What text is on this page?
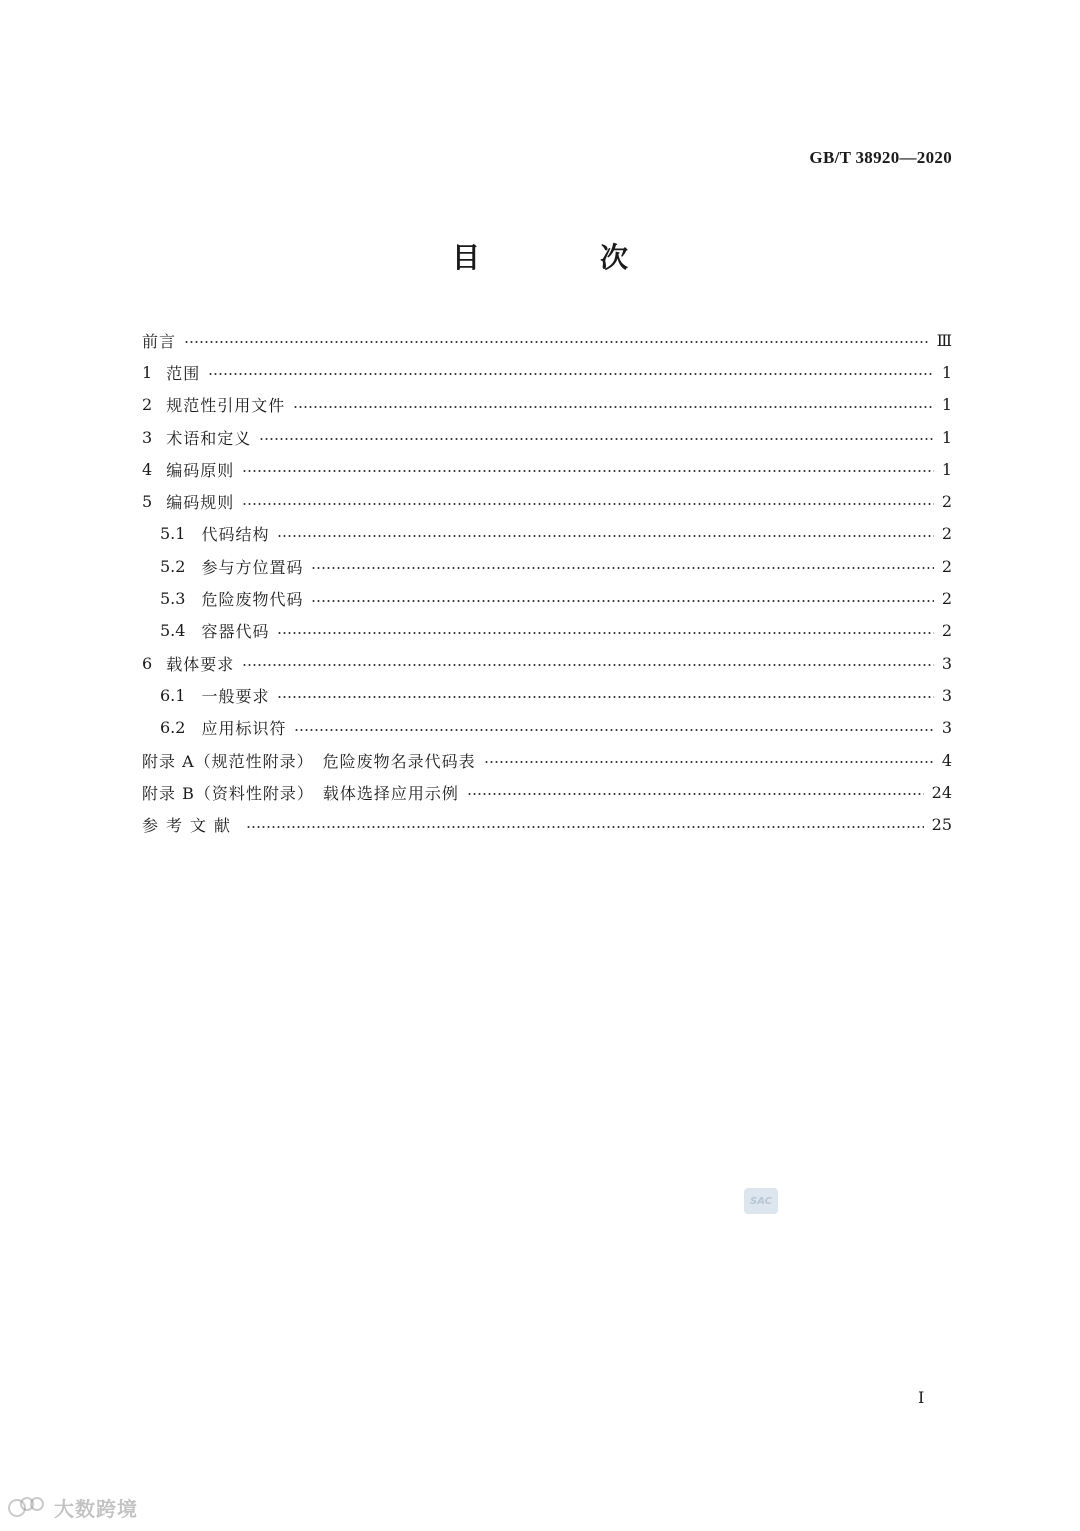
GB/T 38920—2020
目　次
前言	Ⅲ
1 范围	1
2 规范性引用文件	1
3 术语和定义	1
4 编码原则	1
5 编码规则	2
5.1 代码结构	2
5.2 参与方位置码	2
5.3 危险废物代码	2
5.4 容器代码	2
6 载体要求	3
6.1 一般要求	3
6.2 应用标识符	3
附录 A（规范性附录）　危险废物名录代码表	4
附录 B（资料性附录）　载体选择应用示例	24
参考文献	25
SAC
I
大数跨境
